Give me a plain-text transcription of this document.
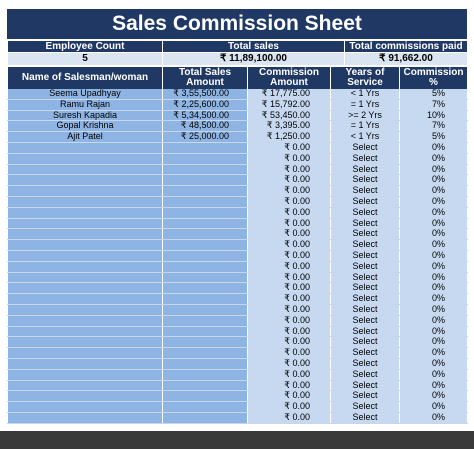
Sales Commission Sheet
Employee Count	Total sales	Total commissions paid
5	₹ 11,89,100.00	₹ 91,662.00
Name of Salesman/woman	Total Sales Amount	Commission Amount	Years of Service	Commission %
Seema Upadhyay	₹ 3,55,500.00	₹ 17,775.00	< 1 Yrs	5%
Ramu Rajan	₹ 2,25,600.00	₹ 15,792.00	= 1 Yrs	7%
Suresh Kapadia	₹ 5,34,500.00	₹ 53,450.00	>= 2 Yrs	10%
Gopal Krishna	₹ 48,500.00	₹ 3,395.00	= 1 Yrs	7%
Ajit Patel	₹ 25,000.00	₹ 1,250.00	< 1 Yrs	5%
		₹ 0.00	Select	0%
		₹ 0.00	Select	0%
		₹ 0.00	Select	0%
		₹ 0.00	Select	0%
		₹ 0.00	Select	0%
		₹ 0.00	Select	0%
		₹ 0.00	Select	0%
		₹ 0.00	Select	0%
		₹ 0.00	Select	0%
		₹ 0.00	Select	0%
		₹ 0.00	Select	0%
		₹ 0.00	Select	0%
		₹ 0.00	Select	0%
		₹ 0.00	Select	0%
		₹ 0.00	Select	0%
		₹ 0.00	Select	0%
		₹ 0.00	Select	0%
		₹ 0.00	Select	0%
		₹ 0.00	Select	0%
		₹ 0.00	Select	0%
		₹ 0.00	Select	0%
		₹ 0.00	Select	0%
		₹ 0.00	Select	0%
		₹ 0.00	Select	0%
		₹ 0.00	Select	0%
		₹ 0.00	Select	0%
